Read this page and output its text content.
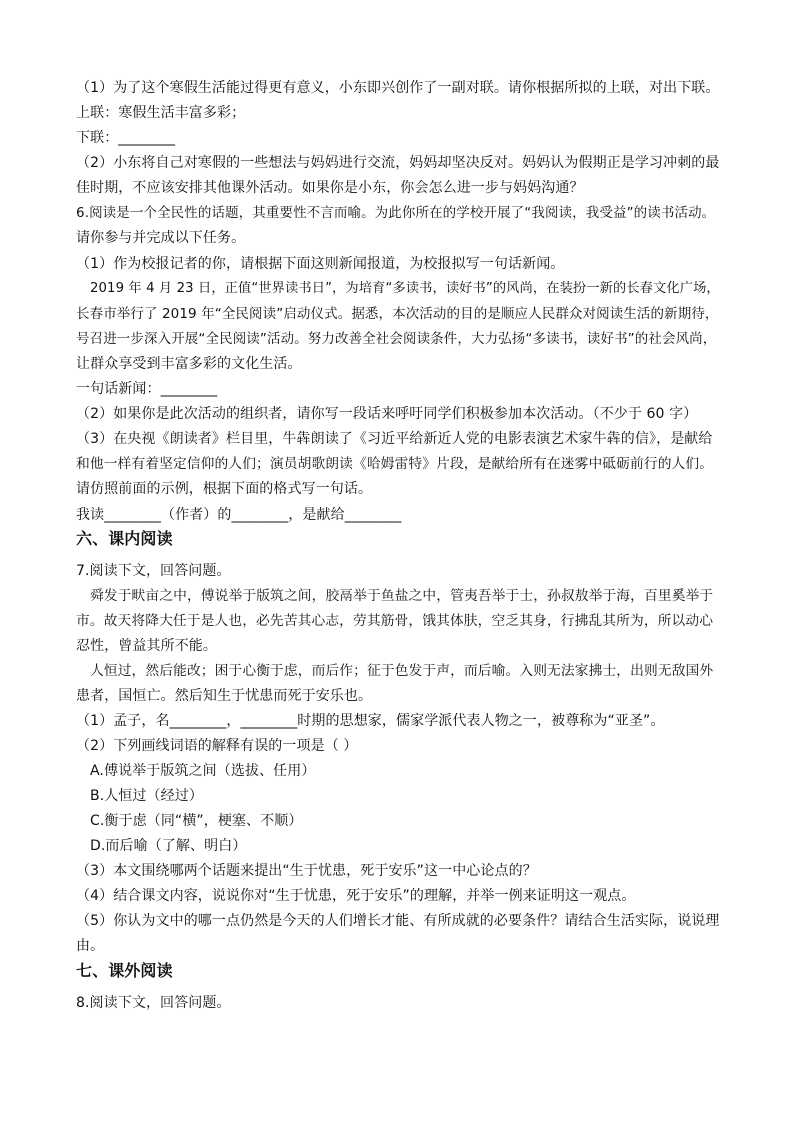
（1）为了这个寒假生活能过得更有意义，小东即兴创作了一副对联。请你根据所拟的上联，对出下联。
上联：寒假生活丰富多彩；
下联：________
（2）小东将自己对寒假的一些想法与妈妈进行交流，妈妈却坚决反对。妈妈认为假期正是学习冲刺的最
佳时期，不应该安排其他课外活动。如果你是小东，你会怎么进一步与妈妈沟通？
6.阅读是一个全民性的话题，其重要性不言而喻。为此你所在的学校开展了“我阅读，我受益”的读书活动。
请你参与并完成以下任务。
（1）作为校报记者的你，请根据下面这则新闻报道，为校报拟写一句话新闻。
2019 年 4 月 23 日，正值“世界读书日”，为培育“多读书，读好书”的风尚，在装扮一新的长春文化广场，
长春市举行了 2019 年“全民阅读”启动仪式。据悉，本次活动的目的是顺应人民群众对阅读生活的新期待，
号召进一步深入开展“全民阅读”活动。努力改善全社会阅读条件，大力弘扬“多读书，读好书”的社会风尚，
让群众享受到丰富多彩的文化生活。
一句话新闻：________
（2）如果你是此次活动的组织者，请你写一段话来呼吁同学们积极参加本次活动。（不少于 60 字）
（3）在央视《朗读者》栏目里，牛犇朗读了《习近平给新近人党的电影表演艺术家牛犇的信》，是献给
和他一样有着坚定信仰的人们；演员胡歌朗读《哈姆雷特》片段，是献给所有在迷雾中砥砺前行的人们。
请仿照前面的示例，根据下面的格式写一句话。
我读________（作者）的________，是献给________
六、课内阅读
7.阅读下文，回答问题。
舜发于畎亩之中，傅说举于版筑之间，胶鬲举于鱼盐之中，管夷吾举于士，孙叔敖举于海，百里奚举于
市。故天将降大任于是人也，必先苦其心志，劳其筋骨，饿其体肤，空乏其身，行拂乱其所为，所以动心
忍性，曾益其所不能。
人恒过，然后能改；困于心衡于虑，而后作；征于色发于声，而后喻。入则无法家拂士，出则无敌国外
患者，国恒亡。然后知生于忧患而死于安乐也。
（1）孟子，名________，________时期的思想家，儒家学派代表人物之一，被尊称为“亚圣”。
（2）下列画线词语的解释有误的一项是（ ）
A.傅说举于版筑之间（选拔、任用）
B.人恒过（经过）
C.衡于虑（同“横”，梗塞、不顺）
D.而后喻（了解、明白）
（3）本文围绕哪两个话题来提出“生于忧患，死于安乐”这一中心论点的？
（4）结合课文内容，说说你对“生于忧患，死于安乐”的理解，并举一例来证明这一观点。
（5）你认为文中的哪一点仍然是今天的人们增长才能、有所成就的必要条件？请结合生活实际，说说理
由。
七、课外阅读
8.阅读下文，回答问题。
